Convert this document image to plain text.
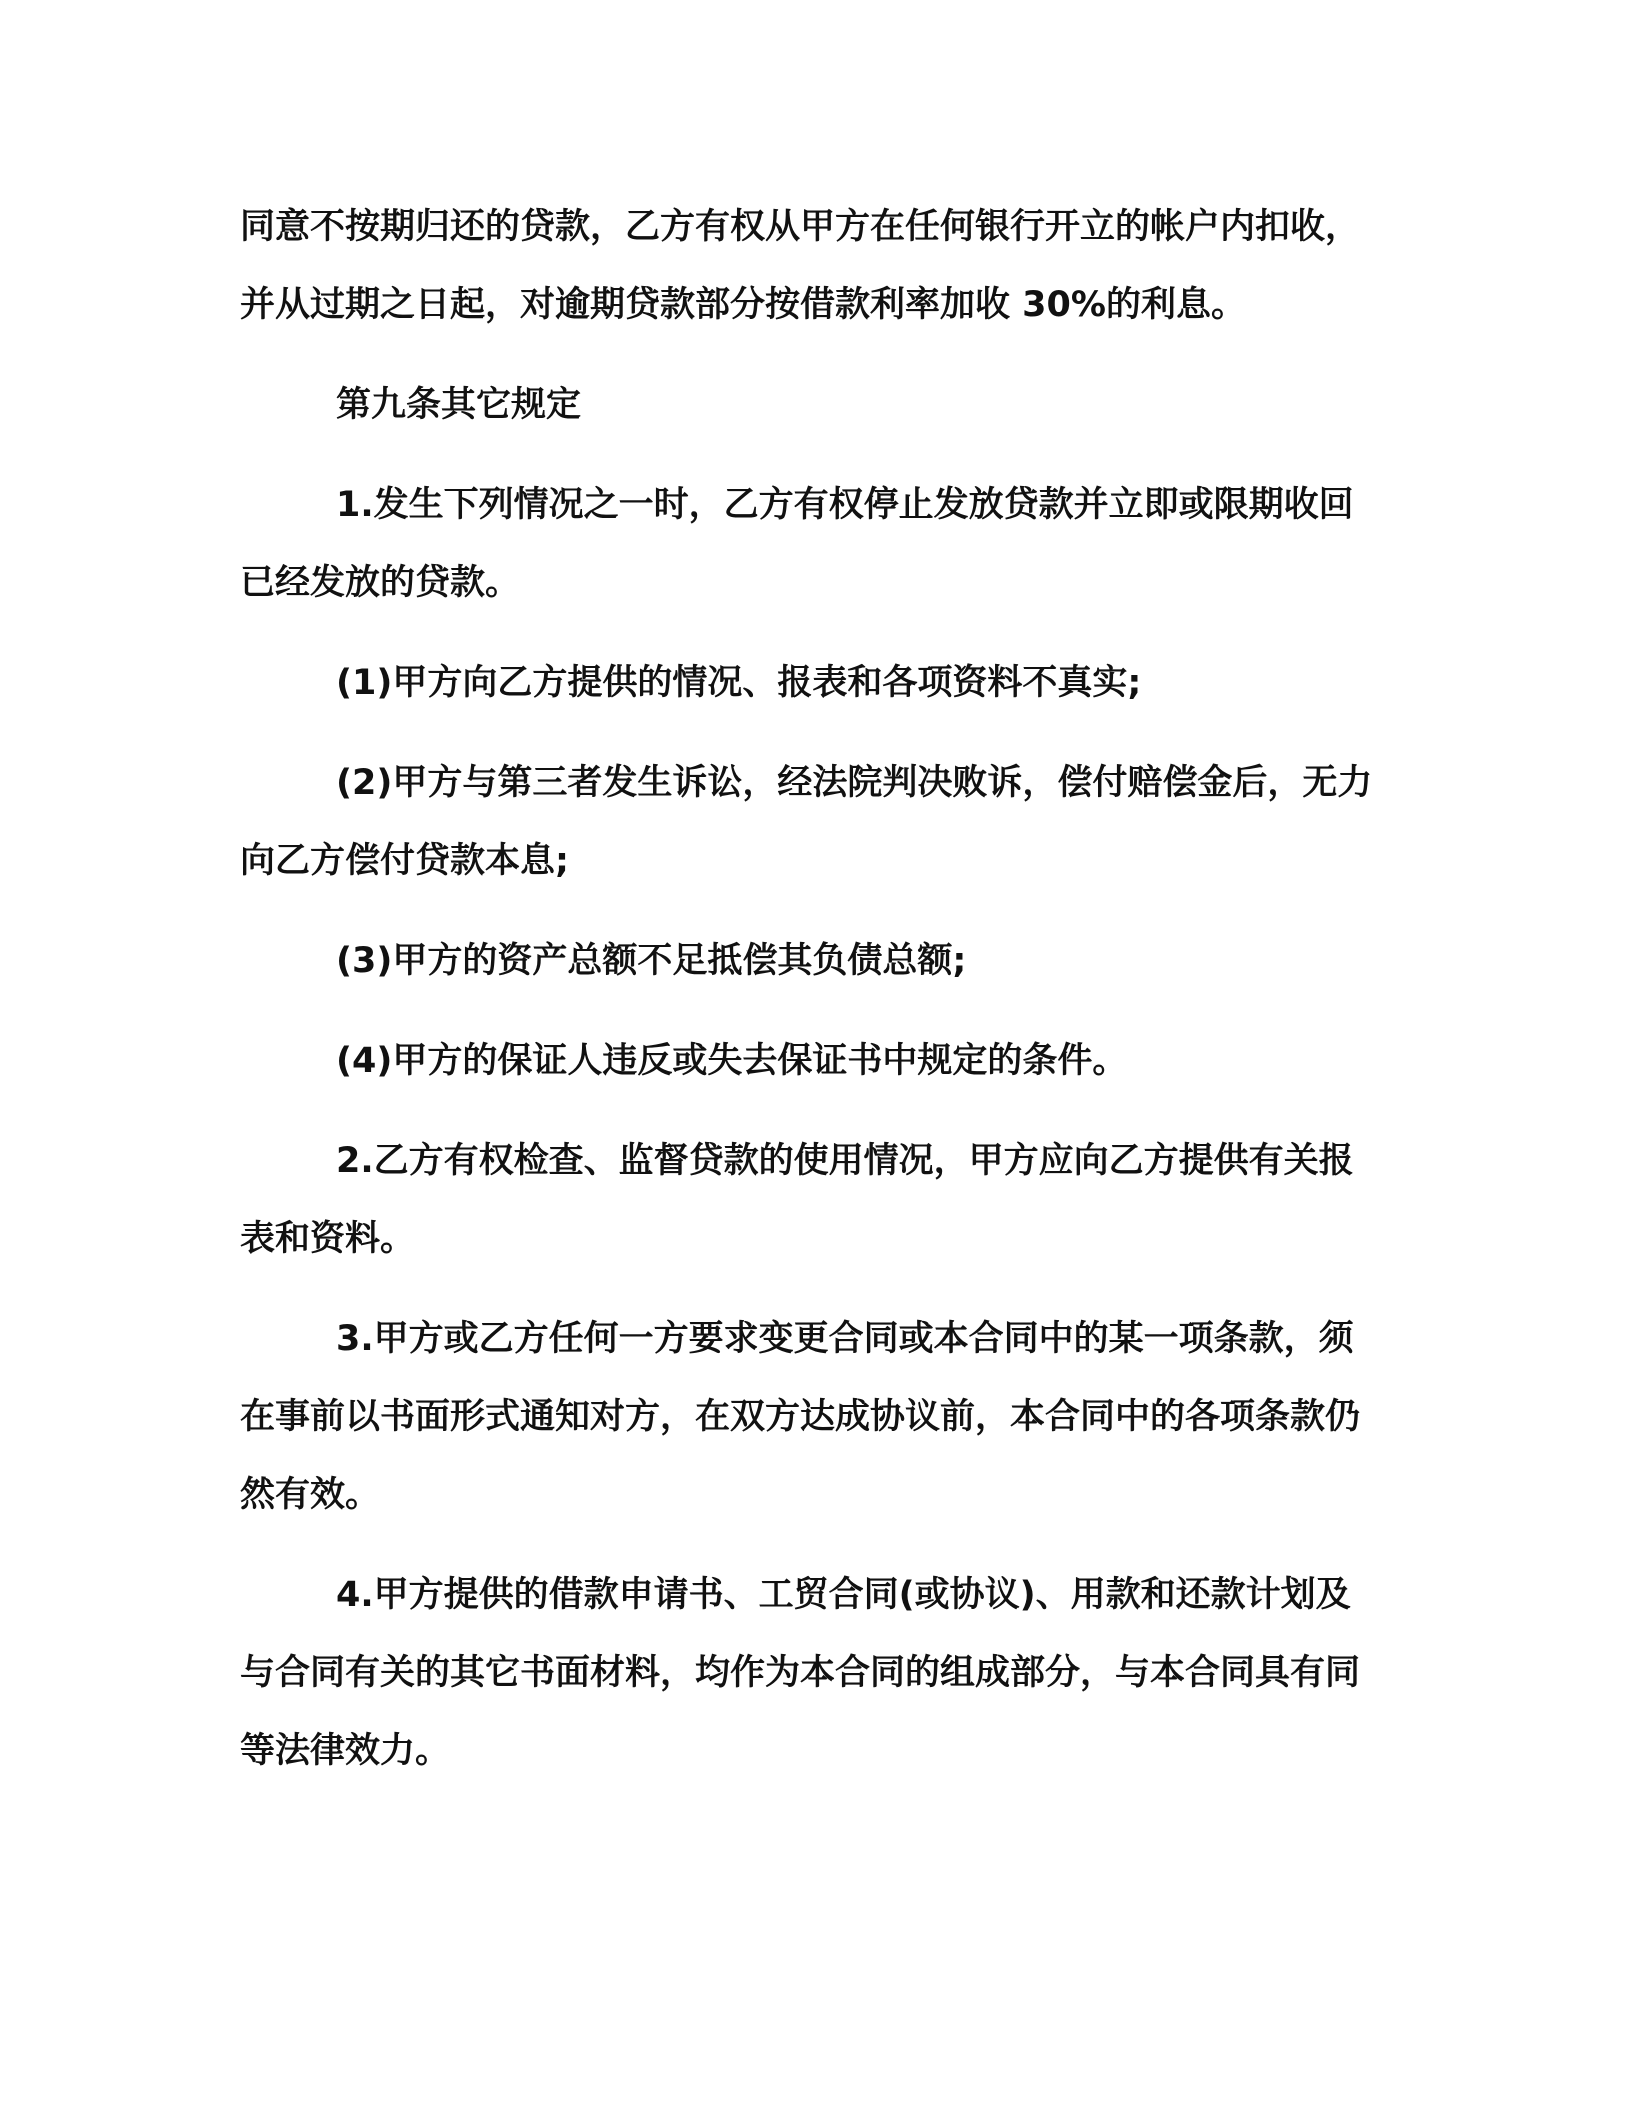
同意不按期归还的贷款，乙方有权从甲方在任何银行开立的帐户内扣收，并从过期之日起，对逾期贷款部分按借款利率加收 30%的利息。

第九条其它规定

1.发生下列情况之一时，乙方有权停止发放贷款并立即或限期收回已经发放的贷款。

(1)甲方向乙方提供的情况、报表和各项资料不真实;

(2)甲方与第三者发生诉讼，经法院判决败诉，偿付赔偿金后，无力向乙方偿付贷款本息;

(3)甲方的资产总额不足抵偿其负债总额;

(4)甲方的保证人违反或失去保证书中规定的条件。

2.乙方有权检查、监督贷款的使用情况，甲方应向乙方提供有关报表和资料。

3.甲方或乙方任何一方要求变更合同或本合同中的某一项条款，须在事前以书面形式通知对方，在双方达成协议前，本合同中的各项条款仍然有效。

4.甲方提供的借款申请书、工贸合同(或协议)、用款和还款计划及与合同有关的其它书面材料，均作为本合同的组成部分，与本合同具有同等法律效力。
